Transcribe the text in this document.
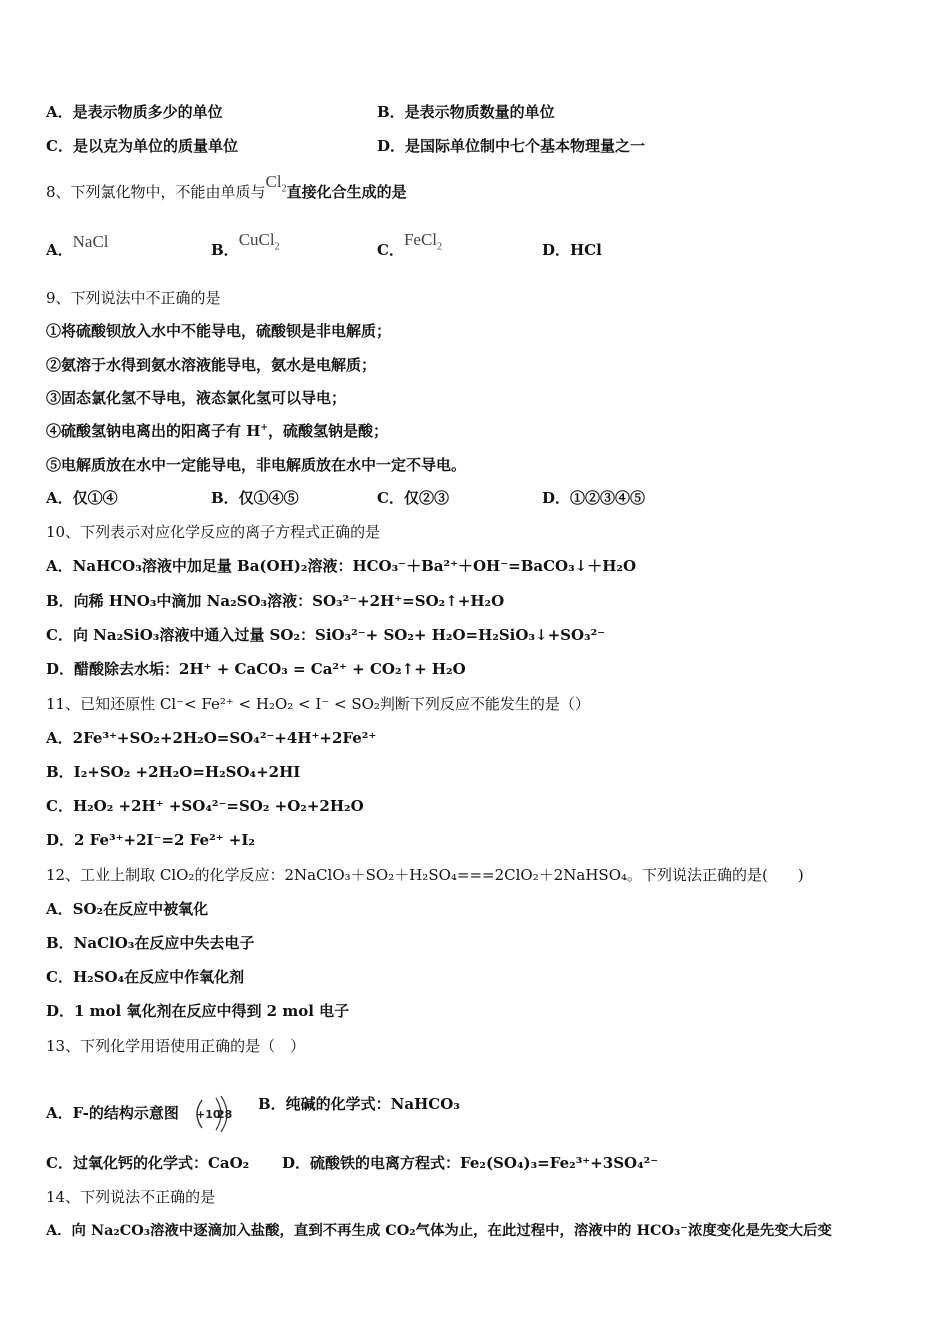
A．是表示物质多少的单位	B．是表示物质数量的单位
C．是以克为单位的质量单位	D．是国际单位制中七个基本物理量之一
8、下列氯化物中，不能由单质与$Cl_2$直接化合生成的是
A．NaCl	B．CuCl$_2$	C．FeCl$_2$	D．HCl
9、下列说法中不正确的是
①将硫酸钡放入水中不能导电，硫酸钡是非电解质；
②氨溶于水得到氨水溶液能导电，氨水是电解质；
③固态氯化氢不导电，液态氯化氢可以导电；
④硫酸氢钠电离出的阳离子有 H+，硫酸氢钠是酸；
⑤电解质放在水中一定能导电，非电解质放在水中一定不导电。
A．仅①④	B．仅①④⑤	C．仅②③	D．①②③④⑤
10、下列表示对应化学反应的离子方程式正确的是
A．NaHCO₃溶液中加足量 Ba(OH)₂溶液：HCO₃⁻＋Ba²⁺＋OH⁻=BaCO₃↓＋H₂O
B．向稀 HNO₃中滴加 Na₂SO₃溶液：SO₃²⁻+2H⁺=SO₂↑+H₂O
C．向 Na₂SiO₃溶液中通入过量 SO₂：SiO₃²⁻+ SO₂+ H₂O=H₂SiO₃↓+SO₃²⁻
D．醋酸除去水垢：2H⁺ + CaCO₃ = Ca²⁺ + CO₂↑+ H₂O
11、已知还原性 Cl⁻< Fe²⁺ < H₂O₂ < I⁻ < SO₂判断下列反应不能发生的是（）
A．2Fe³⁺+SO₂+2H₂O=SO₄²⁻+4H⁺+2Fe²⁺
B．I₂+SO₂ +2H₂O=H₂SO₄+2HI
C．H₂O₂ +2H⁺ +SO₄²⁻=SO₂ +O₂+2H₂O
D．2 Fe³⁺+2I⁻=2 Fe²⁺ +I₂
12、工业上制取 ClO₂的化学反应：2NaClO₃＋SO₂＋H₂SO₄===2ClO₂＋2NaHSO₄。下列说法正确的是(　　)
A．SO₂在反应中被氧化
B．NaClO₃在反应中失去电子
C．H₂SO₄在反应中作氧化剂
D．1 mol 氧化剂在反应中得到 2 mol 电子
13、下列化学用语使用正确的是（　）
A．F-的结构示意图 +10
28
B．纯碱的化学式：NaHCO₃
C．过氧化钙的化学式：CaO₂ D．硫酸铁的电离方程式：Fe₂(SO₄)₃=Fe₂³⁺+3SO₄²⁻
14、下列说法不正确的是
A．向 Na₂CO₃溶液中逐滴加入盐酸，直到不再生成 CO₂气体为止，在此过程中，溶液中的 HCO₃⁻浓度变化是先变大后变
